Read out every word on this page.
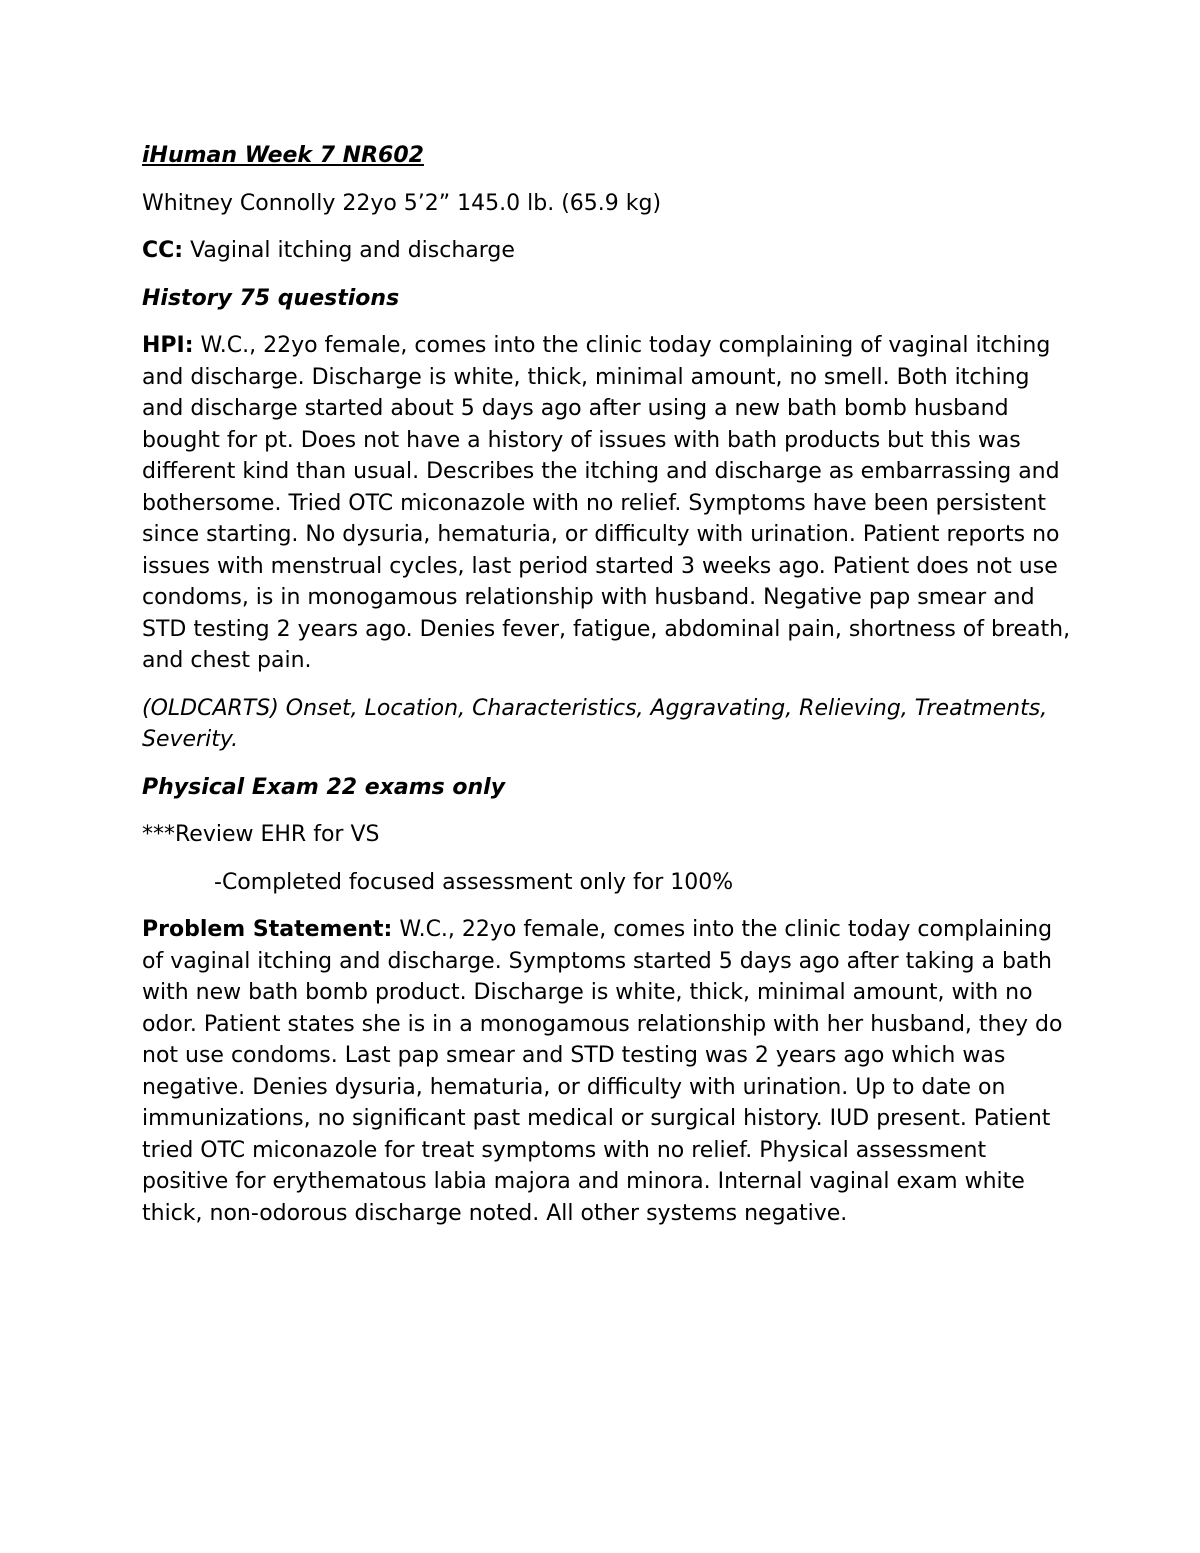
iHuman Week 7 NR602

Whitney Connolly 22yo 5’2” 145.0 lb. (65.9 kg)

CC: Vaginal itching and discharge

History 75 questions

HPI: W.C., 22yo female, comes into the clinic today complaining of vaginal itching and discharge. Discharge is white, thick, minimal amount, no smell. Both itching and discharge started about 5 days ago after using a new bath bomb husband bought for pt. Does not have a history of issues with bath products but this was different kind than usual. Describes the itching and discharge as embarrassing and bothersome. Tried OTC miconazole with no relief. Symptoms have been persistent since starting. No dysuria, hematuria, or difficulty with urination. Patient reports no issues with menstrual cycles, last period started 3 weeks ago. Patient does not use condoms, is in monogamous relationship with husband. Negative pap smear and STD testing 2 years ago. Denies fever, fatigue, abdominal pain, shortness of breath, and chest pain.

(OLDCARTS) Onset, Location, Characteristics, Aggravating, Relieving, Treatments, Severity.

Physical Exam 22 exams only

***Review EHR for VS

-Completed focused assessment only for 100%

Problem Statement: W.C., 22yo female, comes into the clinic today complaining of vaginal itching and discharge. Symptoms started 5 days ago after taking a bath with new bath bomb product. Discharge is white, thick, minimal amount, with no odor. Patient states she is in a monogamous relationship with her husband, they do not use condoms. Last pap smear and STD testing was 2 years ago which was negative. Denies dysuria, hematuria, or difficulty with urination. Up to date on immunizations, no significant past medical or surgical history. IUD present. Patient tried OTC miconazole for treat symptoms with no relief. Physical assessment positive for erythematous labia majora and minora. Internal vaginal exam white thick, non-odorous discharge noted. All other systems negative.
